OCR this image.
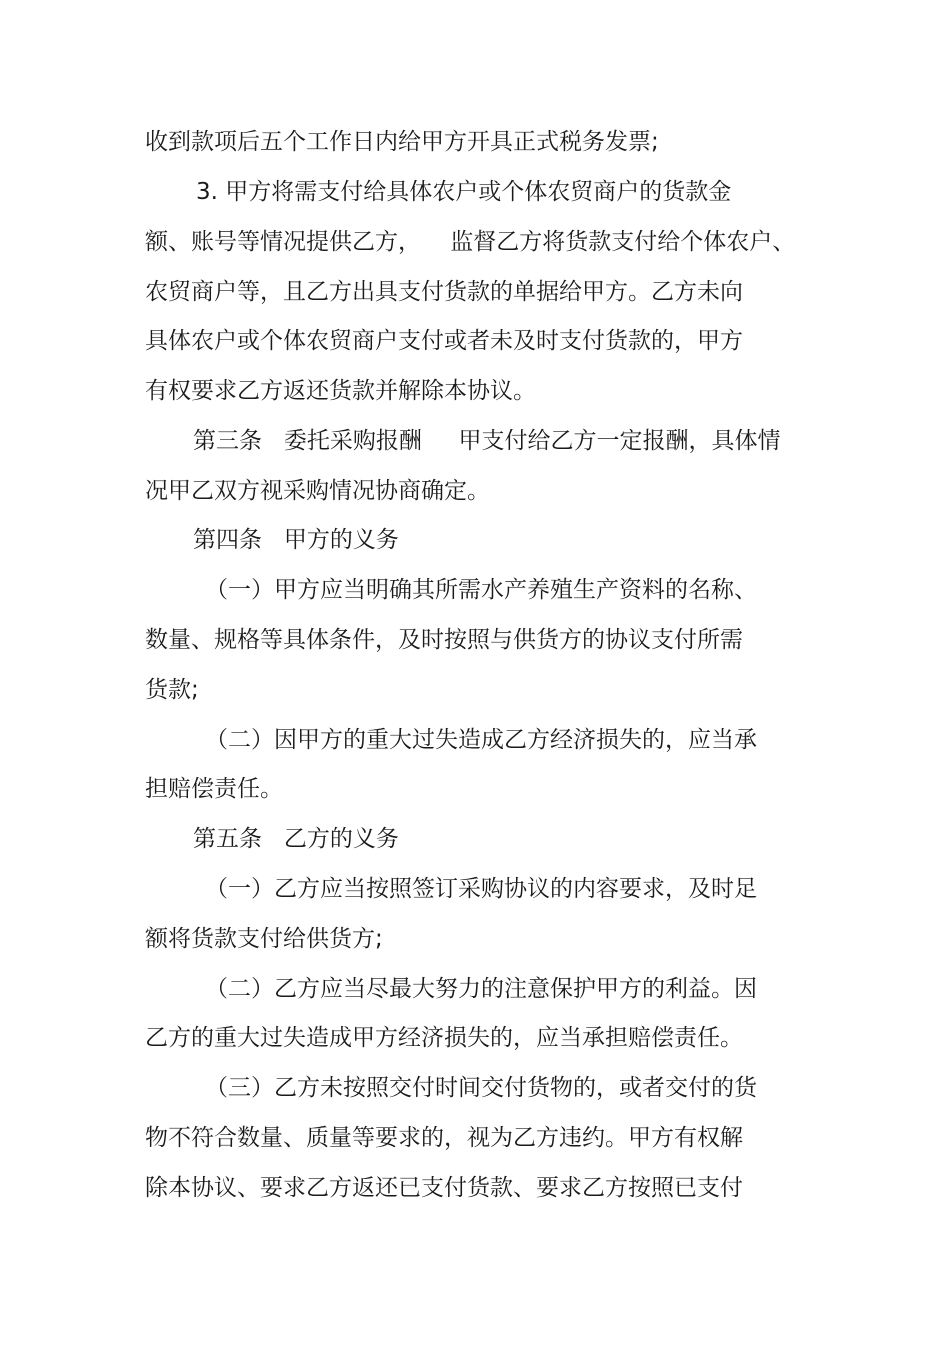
收到款项后五个工作日内给甲方开具正式税务发票;
3. 甲方将需支付给具体农户或个体农贸商户的货款金
额、账号等情况提供乙方，    监督乙方将货款支付给个体农户、
农贸商户等，且乙方出具支付货款的单据给甲方。乙方未向
具体农户或个体农贸商户支付或者未及时支付货款的，甲方
有权要求乙方返还货款并解除本协议。
第三条   委托采购报酬     甲支付给乙方一定报酬，具体情
况甲乙双方视采购情况协商确定。
第四条   甲方的义务
（一）甲方应当明确其所需水产养殖生产资料的名称、
数量、规格等具体条件，及时按照与供货方的协议支付所需
货款;
（二）因甲方的重大过失造成乙方经济损失的，应当承
担赔偿责任。
第五条   乙方的义务
（一）乙方应当按照签订采购协议的内容要求，及时足
额将货款支付给供货方;
（二）乙方应当尽最大努力的注意保护甲方的利益。因
乙方的重大过失造成甲方经济损失的，应当承担赔偿责任。
（三）乙方未按照交付时间交付货物的，或者交付的货
物不符合数量、质量等要求的，视为乙方违约。甲方有权解
除本协议、要求乙方返还已支付货款、要求乙方按照已支付
